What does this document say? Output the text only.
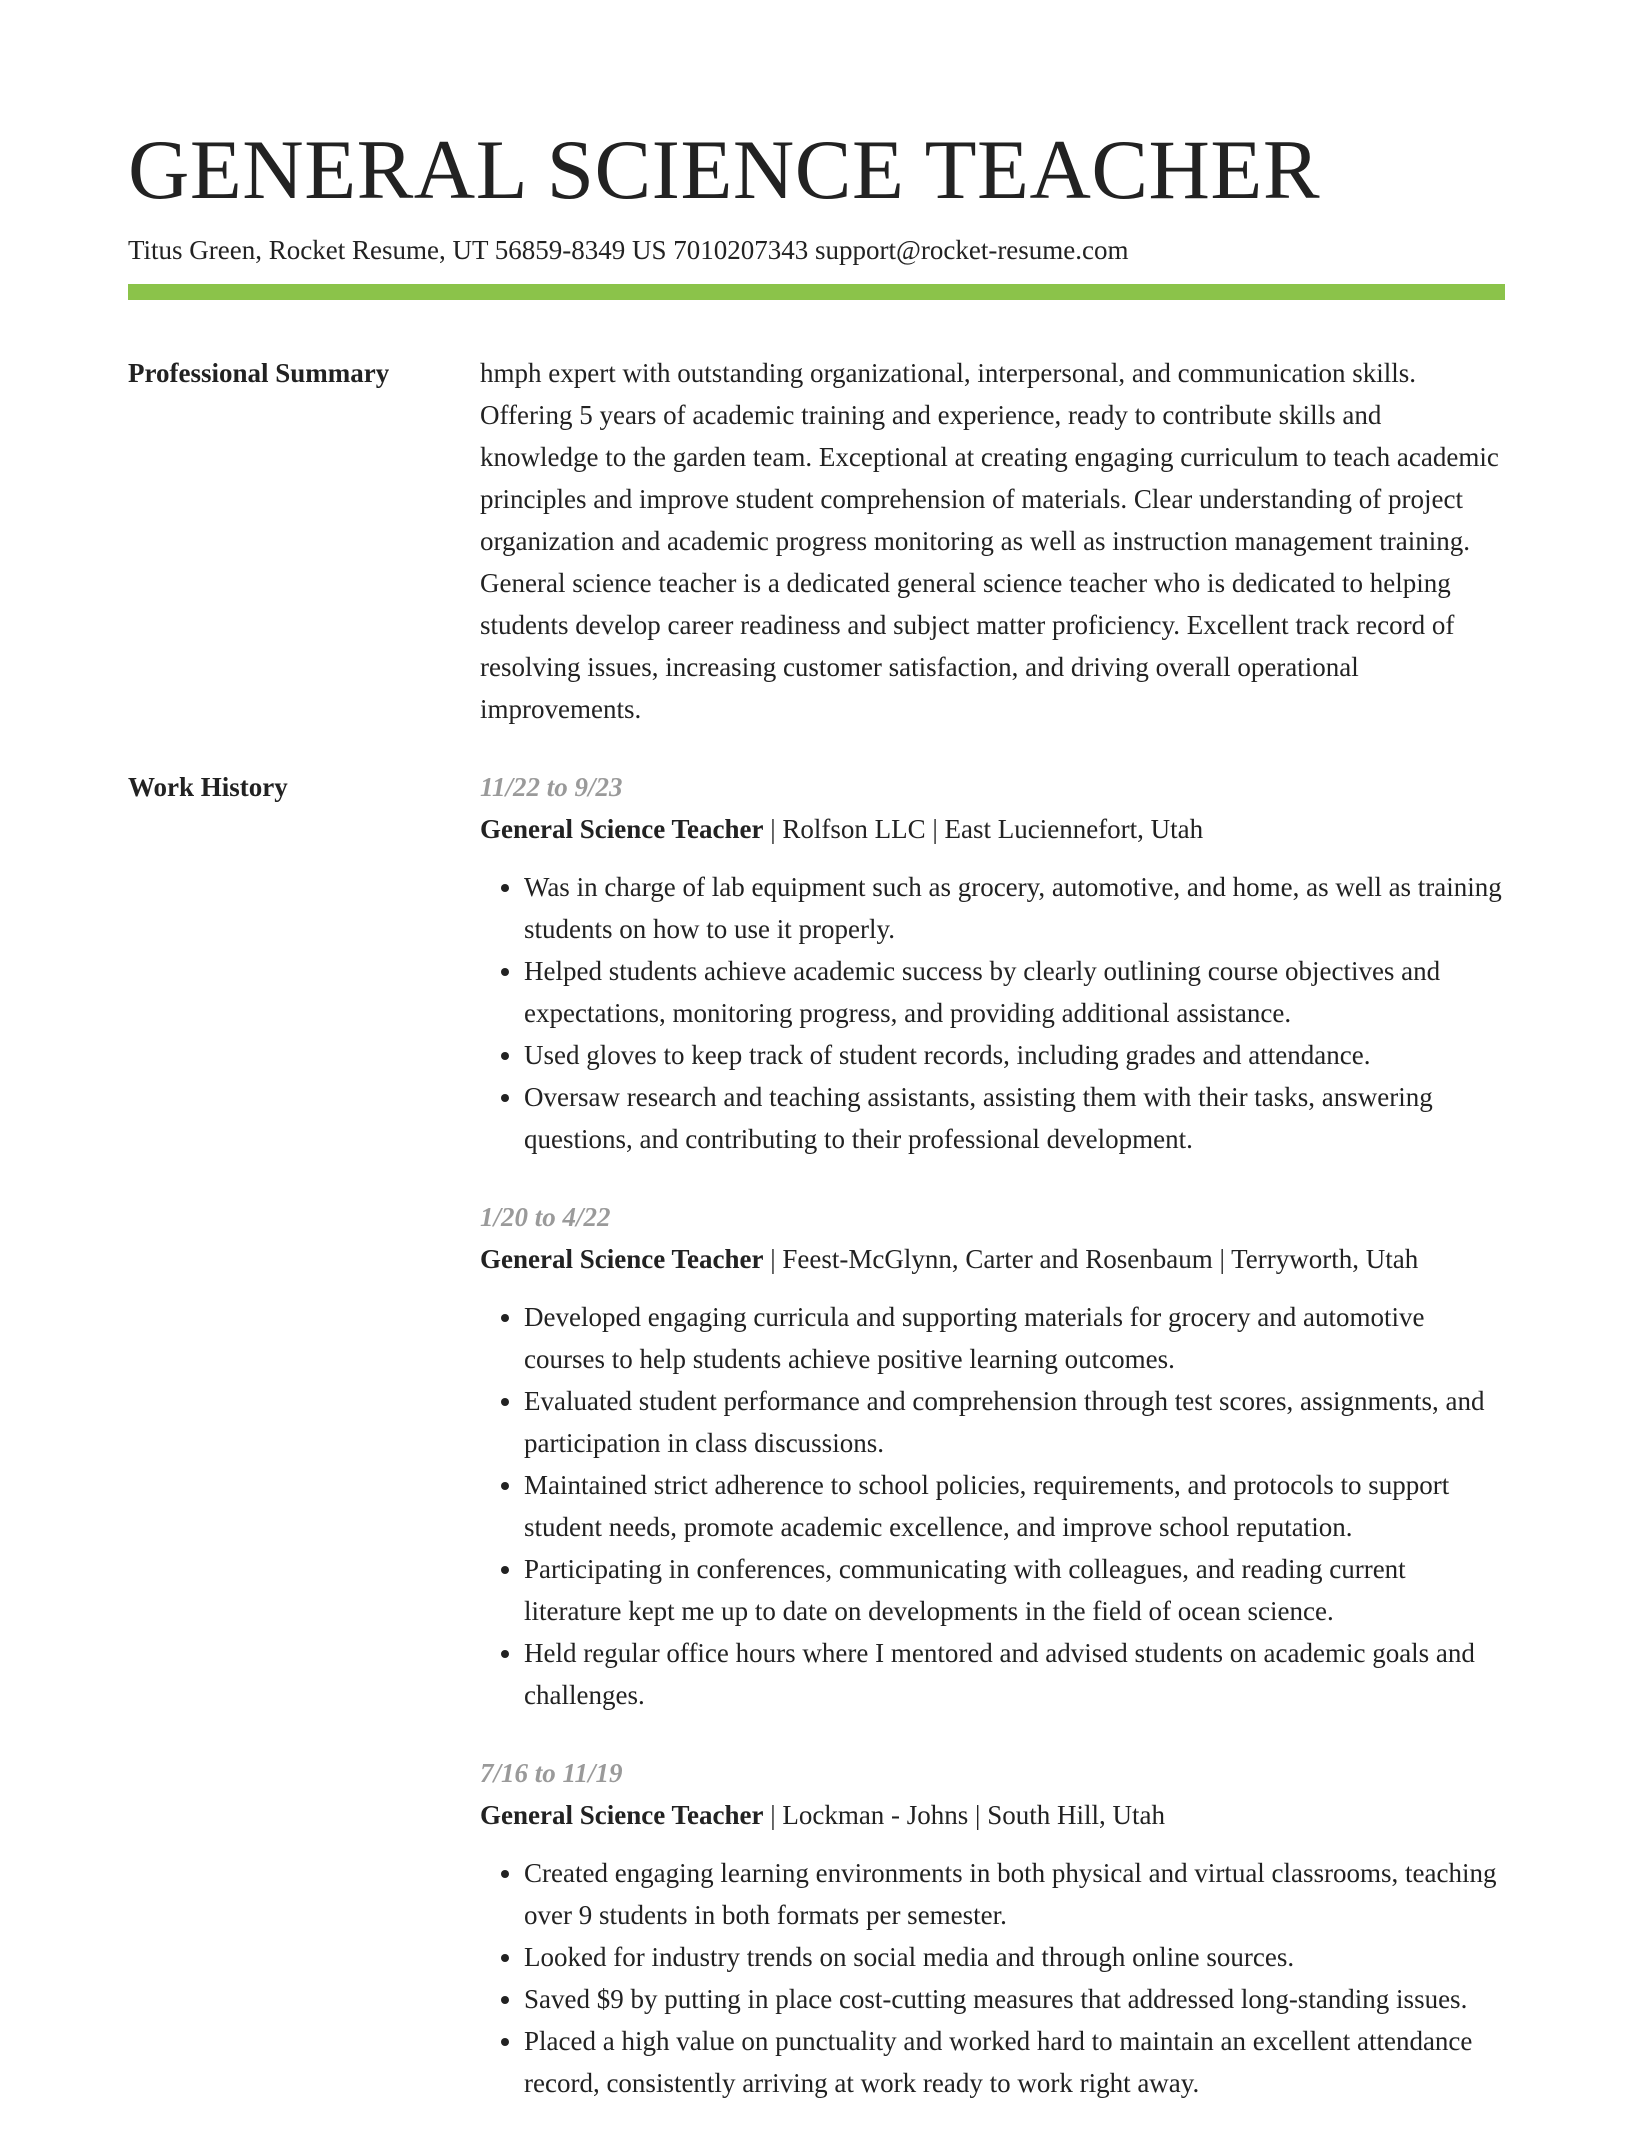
GENERAL SCIENCE TEACHER
Titus Green, Rocket Resume, UT 56859-8349 US 7010207343 support@rocket-resume.com
Professional Summary	hmph expert with outstanding organizational, interpersonal, and communication skills. Offering 5 years of academic training and experience, ready to contribute skills and knowledge to the garden team. Exceptional at creating engaging curriculum to teach academic principles and improve student comprehension of materials. Clear understanding of project organization and academic progress monitoring as well as instruction management training. General science teacher is a dedicated general science teacher who is dedicated to helping students develop career readiness and subject matter proficiency. Excellent track record of resolving issues, increasing customer satisfaction, and driving overall operational improvements.

Work History	11/22 to 9/23
General Science Teacher | Rolfson LLC | East Luciennefort, Utah
• Was in charge of lab equipment such as grocery, automotive, and home, as well as training students on how to use it properly.
• Helped students achieve academic success by clearly outlining course objectives and expectations, monitoring progress, and providing additional assistance.
• Used gloves to keep track of student records, including grades and attendance.
• Oversaw research and teaching assistants, assisting them with their tasks, answering questions, and contributing to their professional development.
1/20 to 4/22
General Science Teacher | Feest-McGlynn, Carter and Rosenbaum | Terryworth, Utah
• Developed engaging curricula and supporting materials for grocery and automotive courses to help students achieve positive learning outcomes.
• Evaluated student performance and comprehension through test scores, assignments, and participation in class discussions.
• Maintained strict adherence to school policies, requirements, and protocols to support student needs, promote academic excellence, and improve school reputation.
• Participating in conferences, communicating with colleagues, and reading current literature kept me up to date on developments in the field of ocean science.
• Held regular office hours where I mentored and advised students on academic goals and challenges.
7/16 to 11/19
General Science Teacher | Lockman - Johns | South Hill, Utah
• Created engaging learning environments in both physical and virtual classrooms, teaching over 9 students in both formats per semester.
• Looked for industry trends on social media and through online sources.
• Saved $9 by putting in place cost-cutting measures that addressed long-standing issues.
• Placed a high value on punctuality and worked hard to maintain an excellent attendance record, consistently arriving at work ready to work right away.
